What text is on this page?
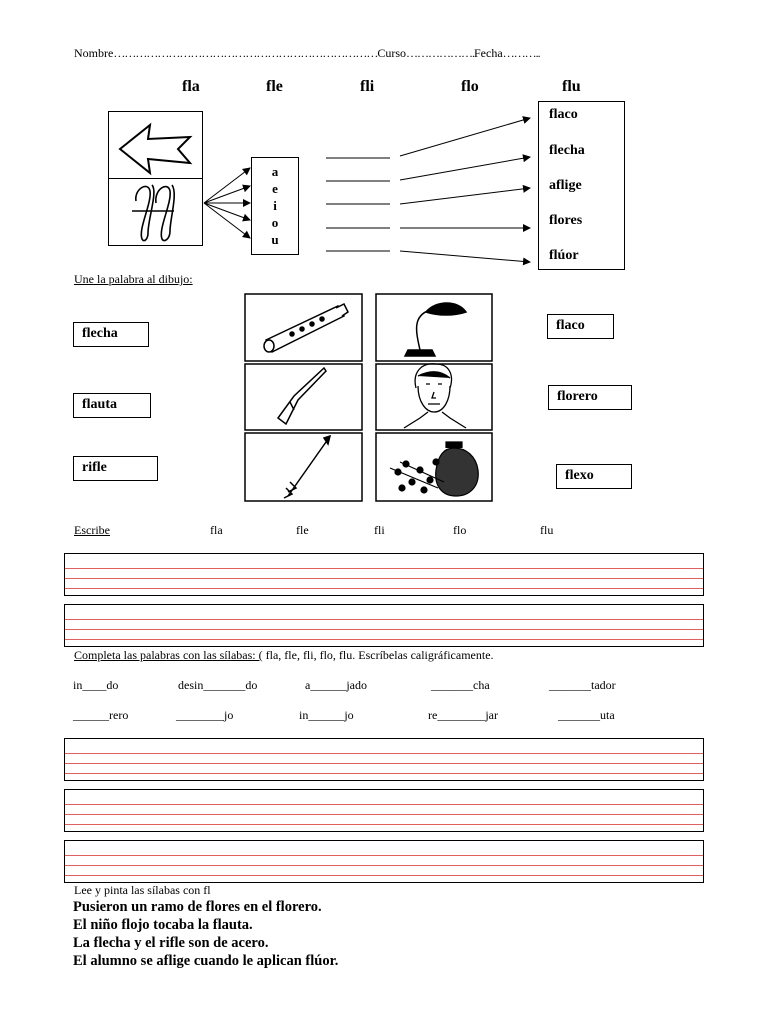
Nombre………………………………………………………………Curso……………….Fecha………..
fla	fle	fli	flo	flu
a
e
i
o
u
flaco
flecha
aflige
flores
flúor
Une la palabra al dibujo:
flecha
flauta
rifle
flaco
florero
flexo
Escribe	fla	fle	fli	flo	flu
Completa las palabras con las sílabas: ( fla, fle, fli, flo, flu. Escríbelas caligráficamente.
in____do	desin_______do	a______jado	_______cha	_______tador
______rero	________jo	in______jo	re________jar	_______uta
Lee y pinta las sílabas con fl
Pusieron un ramo de flores en el florero.
El niño flojo tocaba la flauta.
La flecha y el rifle son de acero.
El alumno se aflige cuando le aplican flúor.
